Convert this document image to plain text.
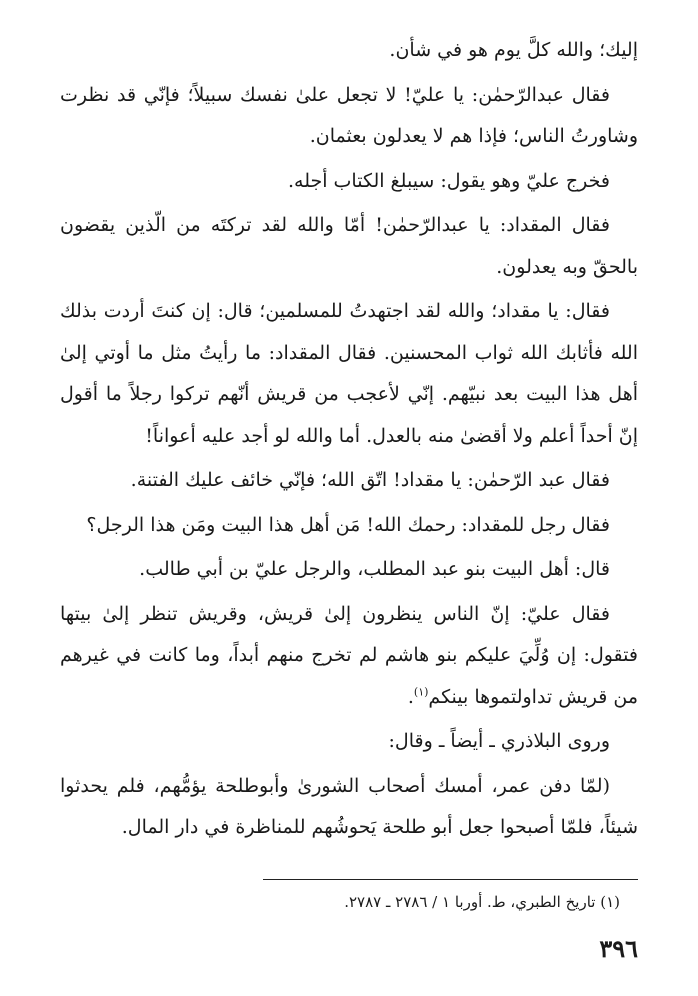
إليك؛ والله كلَّ يوم هو في شأن.

فقال عبدالرّحمٰن: يا عليّ! لا تجعل علىٰ نفسك سبيلاً؛ فإنّي قد نظرت وشاورتُ الناس؛ فإذا هم لا يعدلون بعثمان.

فخرج عليّ وهو يقول: سيبلغ الكتاب أجله.

فقال المقداد: يا عبدالرّحمٰن! أمّا والله لقد تركتَه من الّذين يقضون بالحقّ وبه يعدلون.

فقال: يا مقداد؛ والله لقد اجتهدتُ للمسلمين؛ قال: إن كنتَ أردت بذلك الله فأثابك الله ثواب المحسنين. فقال المقداد: ما رأيتُ مثل ما أوتي إلىٰ أهل هذا البيت بعد نبيّهم. إنّي لأعجب من قريش أنّهم تركوا رجلاً ما أقول إنّ أحداً أعلم ولا أقضىٰ منه بالعدل. أما والله لو أجد عليه أعواناً!

فقال عبد الرّحمٰن: يا مقداد! اتّق الله؛ فإنّي خائف عليك الفتنة.

فقال رجل للمقداد: رحمك الله! مَن أهل هذا البيت ومَن هذا الرجل؟

قال: أهل البيت بنو عبد المطلب، والرجل عليّ بن أبي طالب.

فقال عليّ: إنّ الناس ينظرون إلىٰ قريش، وقريش تنظر إلىٰ بيتها فتقول: إن وُلِّيَ عليكم بنو هاشم لم تخرج منهم أبداً، وما كانت في غيرهم من قريش تداولتموها بينكم$^{(١)}$.

وروى البلاذري ـ أيضاً ـ وقال:

(لمّا دفن عمر، أمسك أصحاب الشورىٰ وأبوطلحة يؤمُّهم، فلم يحدثوا شيئاً، فلمّا أصبحوا جعل أبو طلحة يَحوشُهم للمناظرة في دار المال.

(١) تاريخ الطبري، ط. أوربا ١ / ٢٧٨٦ ـ ٢٧٨٧.
٣٩٦
